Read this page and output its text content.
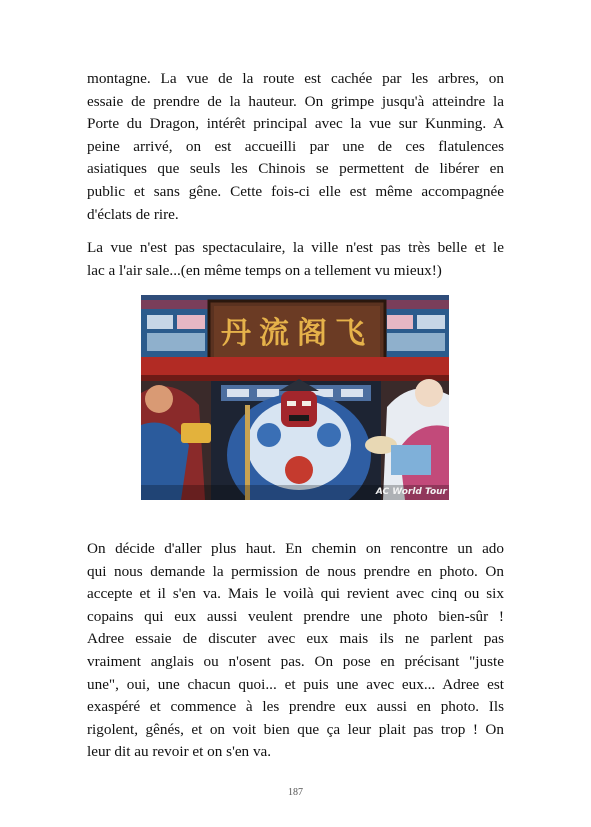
montagne. La vue de la route est cachée par les arbres, on
essaie de prendre de la hauteur. On grimpe jusqu'à atteindre la
Porte du Dragon, intérêt principal avec la vue sur Kunming. A
peine arrivé, on est accueilli par une de ces flatulences
asiatiques que seuls les Chinois se permettent de libérer en
public et sans gêne. Cette fois-ci elle est même accompagnée
d'éclats de rire.

La vue n'est pas spectaculaire, la ville n'est pas très belle et le
lac a l'air sale...(en même temps on a tellement vu mieux!)

丹流阁飞
AC World Tour

On décide d'aller plus haut. En chemin on rencontre un ado
qui nous demande la permission de nous prendre en photo. On
accepte et il s'en va. Mais le voilà qui revient avec cinq ou six
copains qui eux aussi veulent prendre une photo bien-sûr !
Adree essaie de discuter avec eux mais ils ne parlent pas
vraiment anglais ou n'osent pas. On pose en précisant "juste
une", oui, une chacun quoi... et puis une avec eux... Adree est
exaspéré et commence à les prendre eux aussi en photo. Ils
rigolent, gênés, et on voit bien que ça leur plait pas trop ! On
leur dit au revoir et on s'en va.

187
